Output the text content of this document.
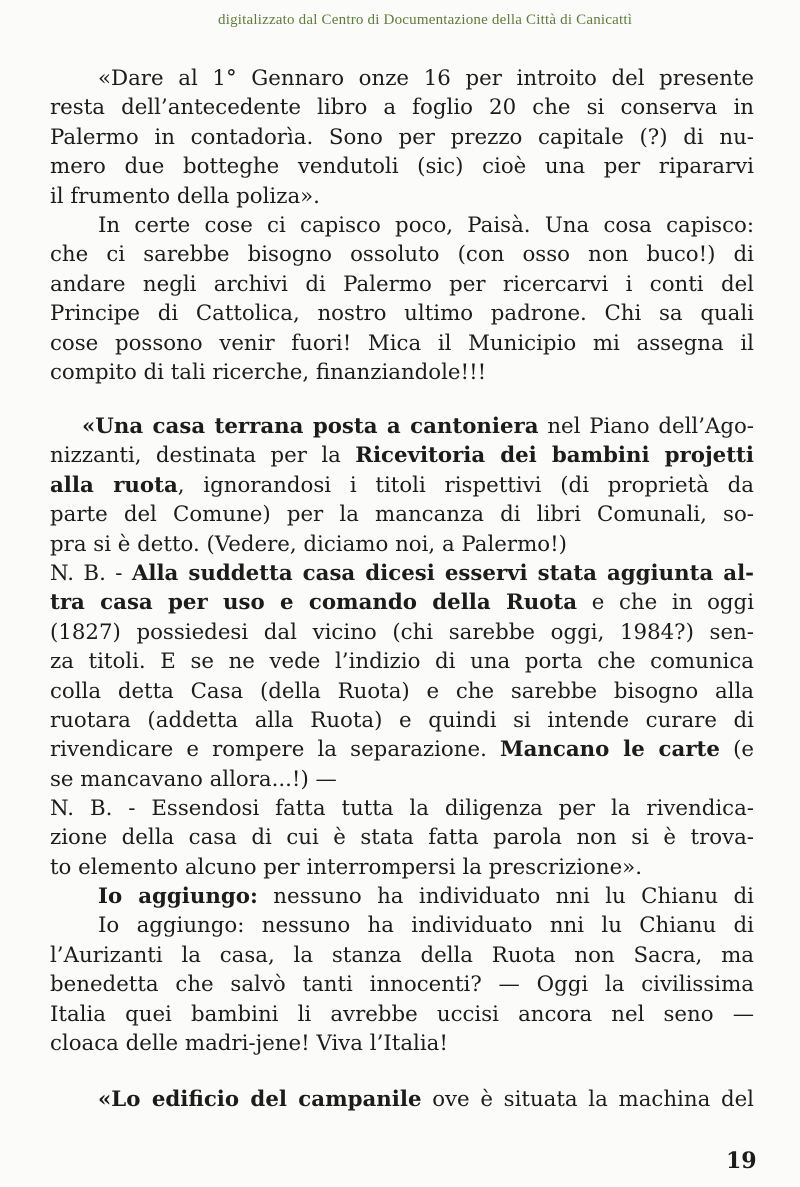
digitalizzato dal Centro di Documentazione della Città di Canicattì
«Dare al 1° Gennaro onze 16 per introito del presente
resta dell’antecedente libro a foglio 20 che si conserva in
Palermo in contadorìa. Sono per prezzo capitale (?) di nu-
mero due botteghe vendutoli (sic) cioè una per ripararvi
il frumento della poliza».
In certe cose ci capisco poco, Paisà. Una cosa capisco:
che ci sarebbe bisogno ossoluto (con osso non buco!) di
andare negli archivi di Palermo per ricercarvi i conti del
Principe di Cattolica, nostro ultimo padrone. Chi sa quali
cose possono venir fuori! Mica il Municipio mi assegna il
compito di tali ricerche, finanziandole!!!
«Una casa terrana posta a cantoniera nel Piano dell’Ago-
nizzanti, destinata per la Ricevitoria dei bambini projetti
alla ruota, ignorandosi i titoli rispettivi (di proprietà da
parte del Comune) per la mancanza di libri Comunali, so-
pra si è detto. (Vedere, diciamo noi, a Palermo!)
N. B. - Alla suddetta casa dicesi esservi stata aggiunta al-
tra casa per uso e comando della Ruota e che in oggi
(1827) possiedesi dal vicino (chi sarebbe oggi, 1984?) sen-
za titoli. E se ne vede l’indizio di una porta che comunica
colla detta Casa (della Ruota) e che sarebbe bisogno alla
ruotara (addetta alla Ruota) e quindi si intende curare di
rivendicare e rompere la separazione. Mancano le carte (e
se mancavano allora...!) —
N. B. - Essendosi fatta tutta la diligenza per la rivendica-
zione della casa di cui è stata fatta parola non si è trova-
to elemento alcuno per interrompersi la prescrizione».
Io aggiungo: nessuno ha individuato nni lu Chianu di
Io aggiungo: nessuno ha individuato nni lu Chianu di
l’Aurizanti la casa, la stanza della Ruota non Sacra, ma
benedetta che salvò tanti innocenti? — Oggi la civilissima
Italia quei bambini li avrebbe uccisi ancora nel seno —
cloaca delle madri-jene! Viva l’Italia!
«Lo edificio del campanile ove è situata la machina del
19
